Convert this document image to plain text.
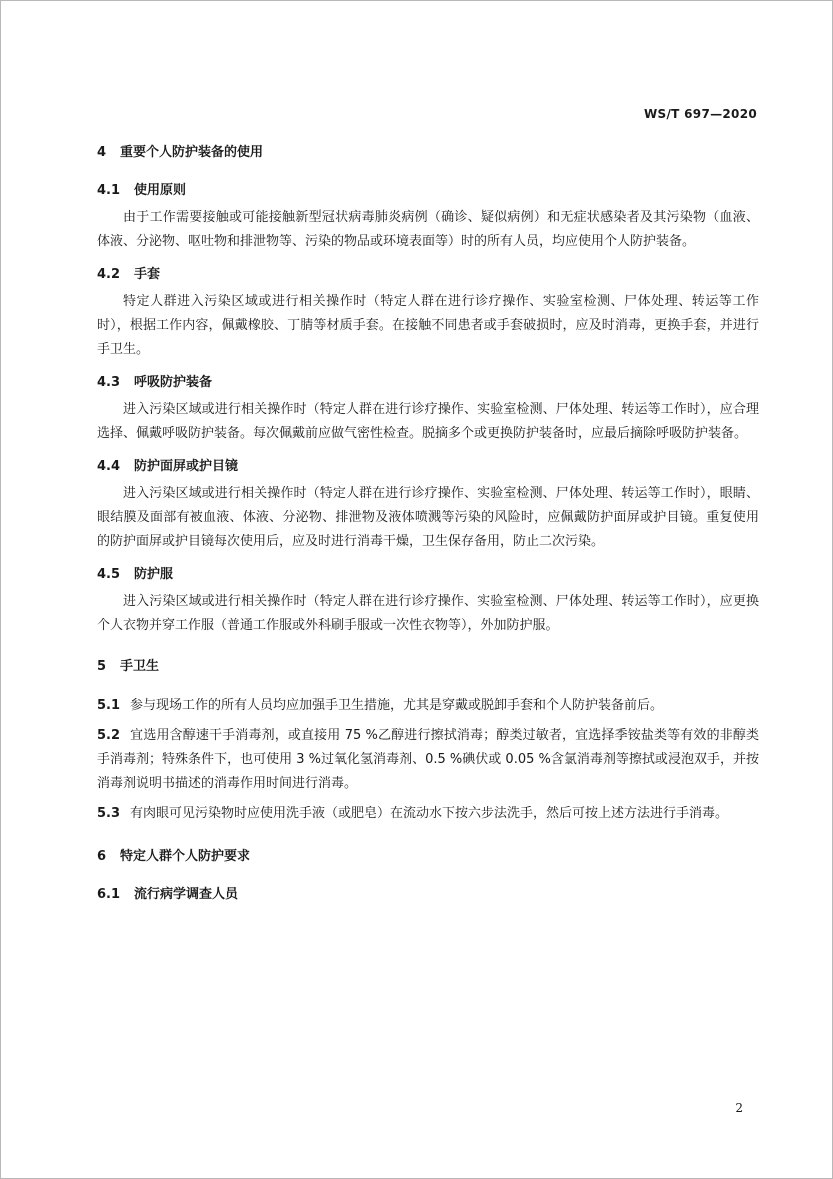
WS/T 697—2020
4 重要个人防护装备的使用
4.1 使用原则

由于工作需要接触或可能接触新型冠状病毒肺炎病例（确诊、疑似病例）和无症状感染者及其污染物（血液、体液、分泌物、呕吐物和排泄物等、污染的物品或环境表面等）时的所有人员，均应使用个人防护装备。

4.2 手套

特定人群进入污染区域或进行相关操作时（特定人群在进行诊疗操作、实验室检测、尸体处理、转运等工作时），根据工作内容，佩戴橡胶、丁腈等材质手套。在接触不同患者或手套破损时，应及时消毒，更换手套，并进行手卫生。

4.3 呼吸防护装备

进入污染区域或进行相关操作时（特定人群在进行诊疗操作、实验室检测、尸体处理、转运等工作时），应合理选择、佩戴呼吸防护装备。每次佩戴前应做气密性检查。脱摘多个或更换防护装备时，应最后摘除呼吸防护装备。

4.4 防护面屏或护目镜

进入污染区域或进行相关操作时（特定人群在进行诊疗操作、实验室检测、尸体处理、转运等工作时），眼睛、眼结膜及面部有被血液、体液、分泌物、排泄物及液体喷溅等污染的风险时，应佩戴防护面屏或护目镜。重复使用的防护面屏或护目镜每次使用后，应及时进行消毒干燥，卫生保存备用，防止二次污染。

4.5 防护服

进入污染区域或进行相关操作时（特定人群在进行诊疗操作、实验室检测、尸体处理、转运等工作时），应更换个人衣物并穿工作服（普通工作服或外科刷手服或一次性衣物等），外加防护服。

5 手卫生

5.1 参与现场工作的所有人员均应加强手卫生措施，尤其是穿戴或脱卸手套和个人防护装备前后。

5.2 宜选用含醇速干手消毒剂，或直接用 75 %乙醇进行擦拭消毒；醇类过敏者，宜选择季铵盐类等有效的非醇类手消毒剂；特殊条件下，也可使用 3 %过氧化氢消毒剂、0.5 %碘伏或 0.05 %含氯消毒剂等擦拭或浸泡双手，并按消毒剂说明书描述的消毒作用时间进行消毒。

5.3 有肉眼可见污染物时应使用洗手液（或肥皂）在流动水下按六步法洗手，然后可按上述方法进行手消毒。

6 特定人群个人防护要求
6.1 流行病学调查人员
2
